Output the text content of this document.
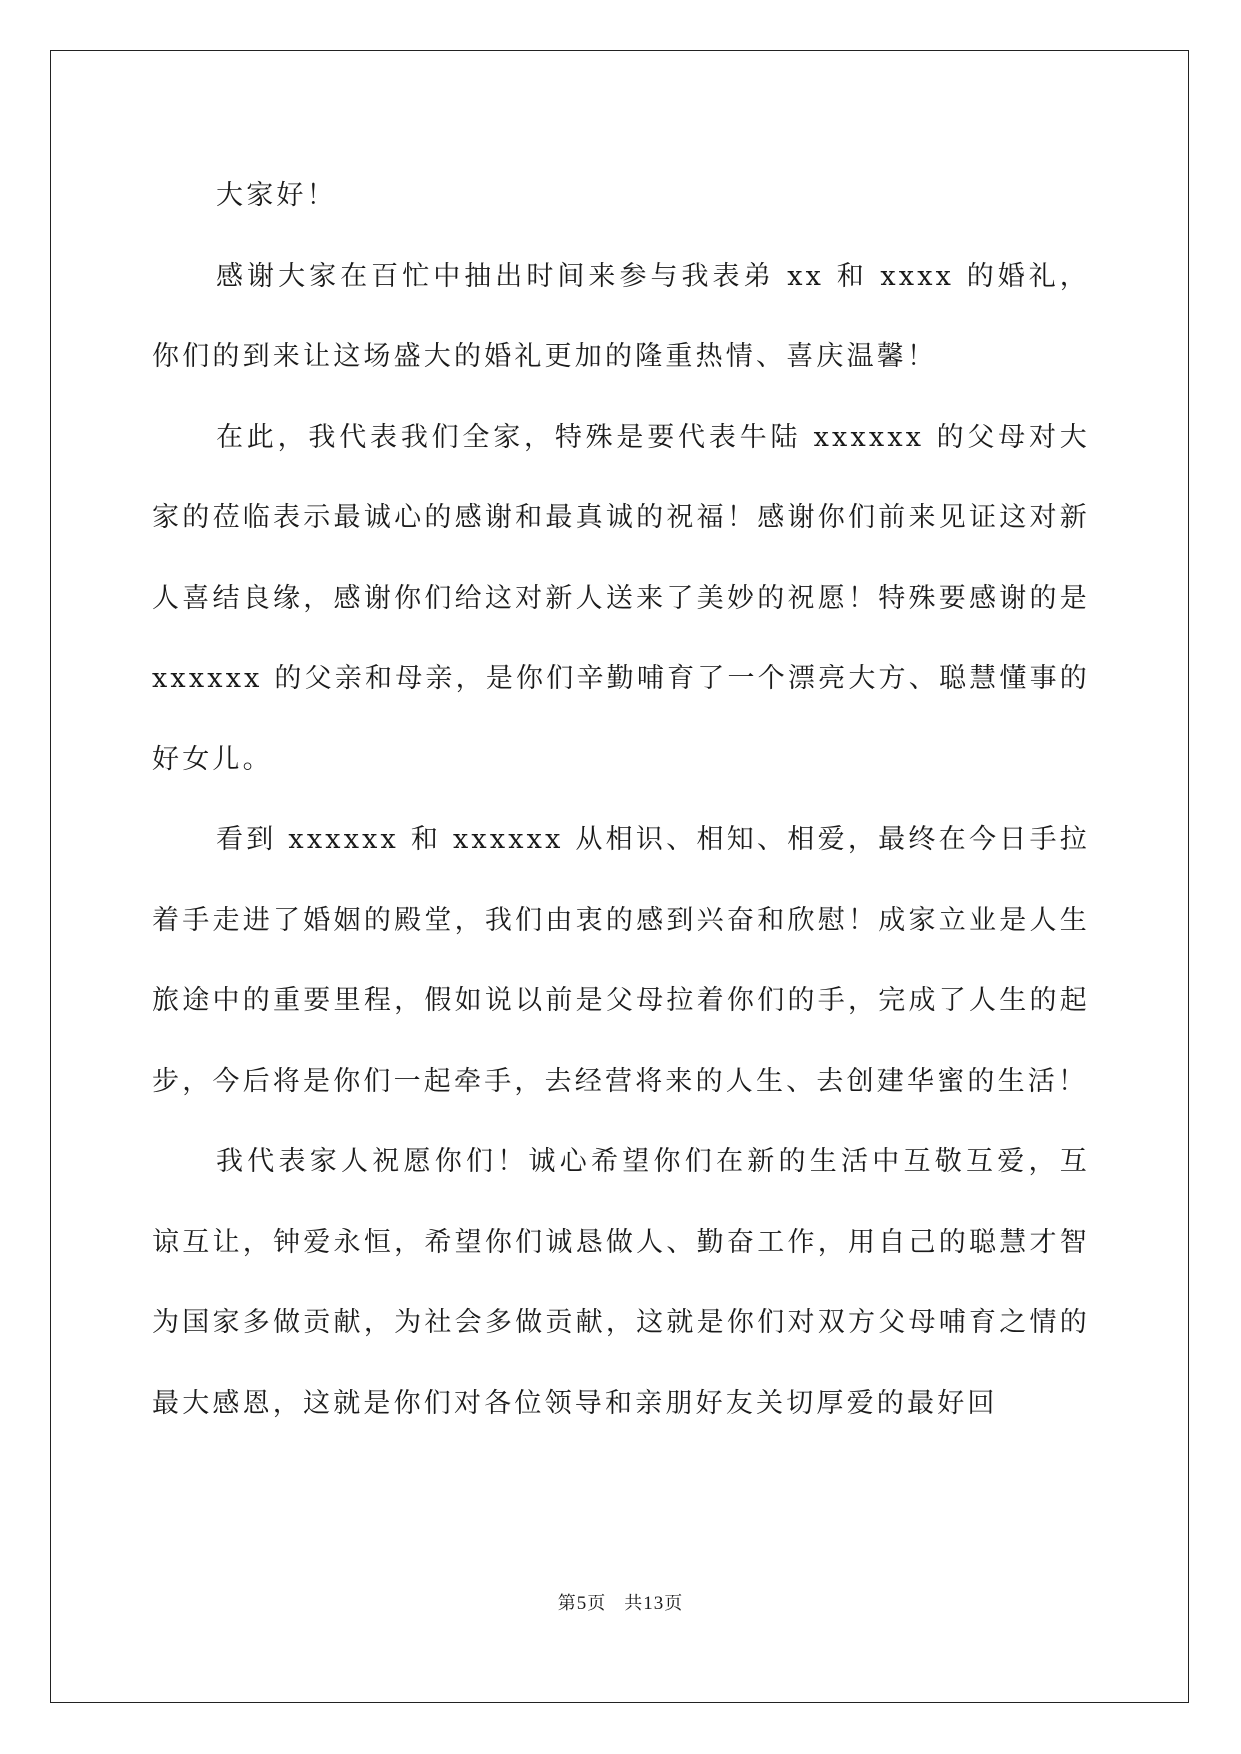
大家好！

感谢大家在百忙中抽出时间来参与我表弟 xx 和 xxxx 的婚礼，你们的到来让这场盛大的婚礼更加的隆重热情、喜庆温馨！

在此，我代表我们全家，特殊是要代表牛陆 xxxxxx 的父母对大家的莅临表示最诚心的感谢和最真诚的祝福！感谢你们前来见证这对新人喜结良缘，感谢你们给这对新人送来了美妙的祝愿！特殊要感谢的是 xxxxxx 的父亲和母亲，是你们辛勤哺育了一个漂亮大方、聪慧懂事的好女儿。

看到 xxxxxx 和 xxxxxx 从相识、相知、相爱，最终在今日手拉着手走进了婚姻的殿堂，我们由衷的感到兴奋和欣慰！成家立业是人生旅途中的重要里程，假如说以前是父母拉着你们的手，完成了人生的起步，今后将是你们一起牵手，去经营将来的人生、去创建华蜜的生活！

我代表家人祝愿你们！诚心希望你们在新的生活中互敬互爱，互谅互让，钟爱永恒，希望你们诚恳做人、勤奋工作，用自己的聪慧才智为国家多做贡献，为社会多做贡献，这就是你们对双方父母哺育之情的最大感恩，这就是你们对各位领导和亲朋好友关切厚爱的最好回

第5页 共13页
